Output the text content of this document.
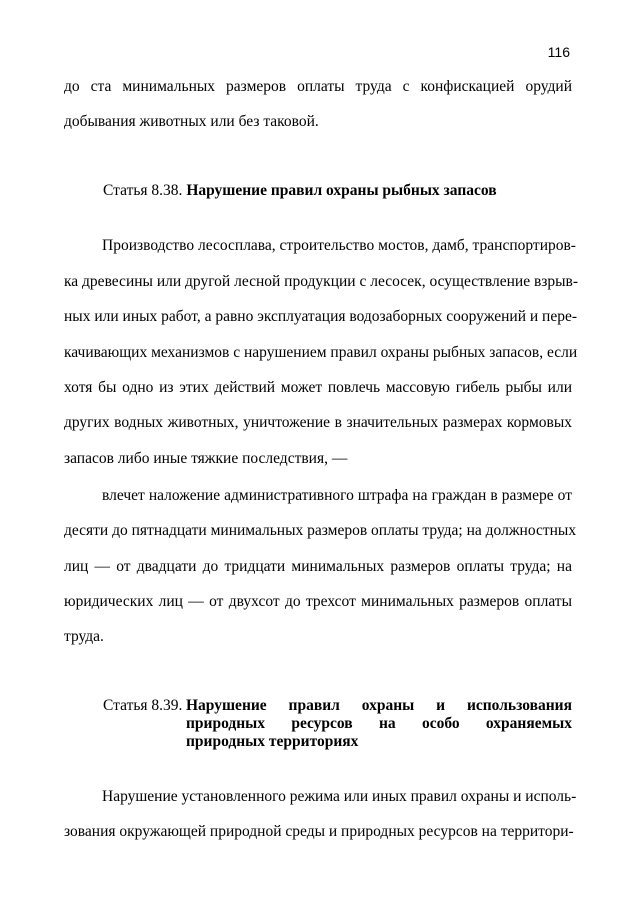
116
до ста минимальных размеров оплаты труда с конфискацией орудий
добывания животных или без таковой.
Статья 8.38. Нарушение правил охраны рыбных запасов
Производство лесосплава, строительство мостов, дамб, транспортиров-
ка древесины или другой лесной продукции с лесосек, осуществление взрыв-
ных или иных работ, а равно эксплуатация водозаборных сооружений и пере-
качивающих механизмов с нарушением правил охраны рыбных запасов, если
хотя бы одно из этих действий может повлечь массовую гибель рыбы или
других водных животных, уничтожение в значительных размерах кормовых
запасов либо иные тяжкие последствия, —
влечет наложение административного штрафа на граждан в размере от
десяти до пятнадцати минимальных размеров оплаты труда; на должностных
лиц — от двадцати до тридцати минимальных размеров оплаты труда; на
юридических лиц — от двухсот до трехсот минимальных размеров оплаты
труда.
Статья 8.39. Нарушение правил охраны и использования
природных ресурсов на особо охраняемых
природных территориях
Нарушение установленного режима или иных правил охраны и исполь-
зования окружающей природной среды и природных ресурсов на территори-
